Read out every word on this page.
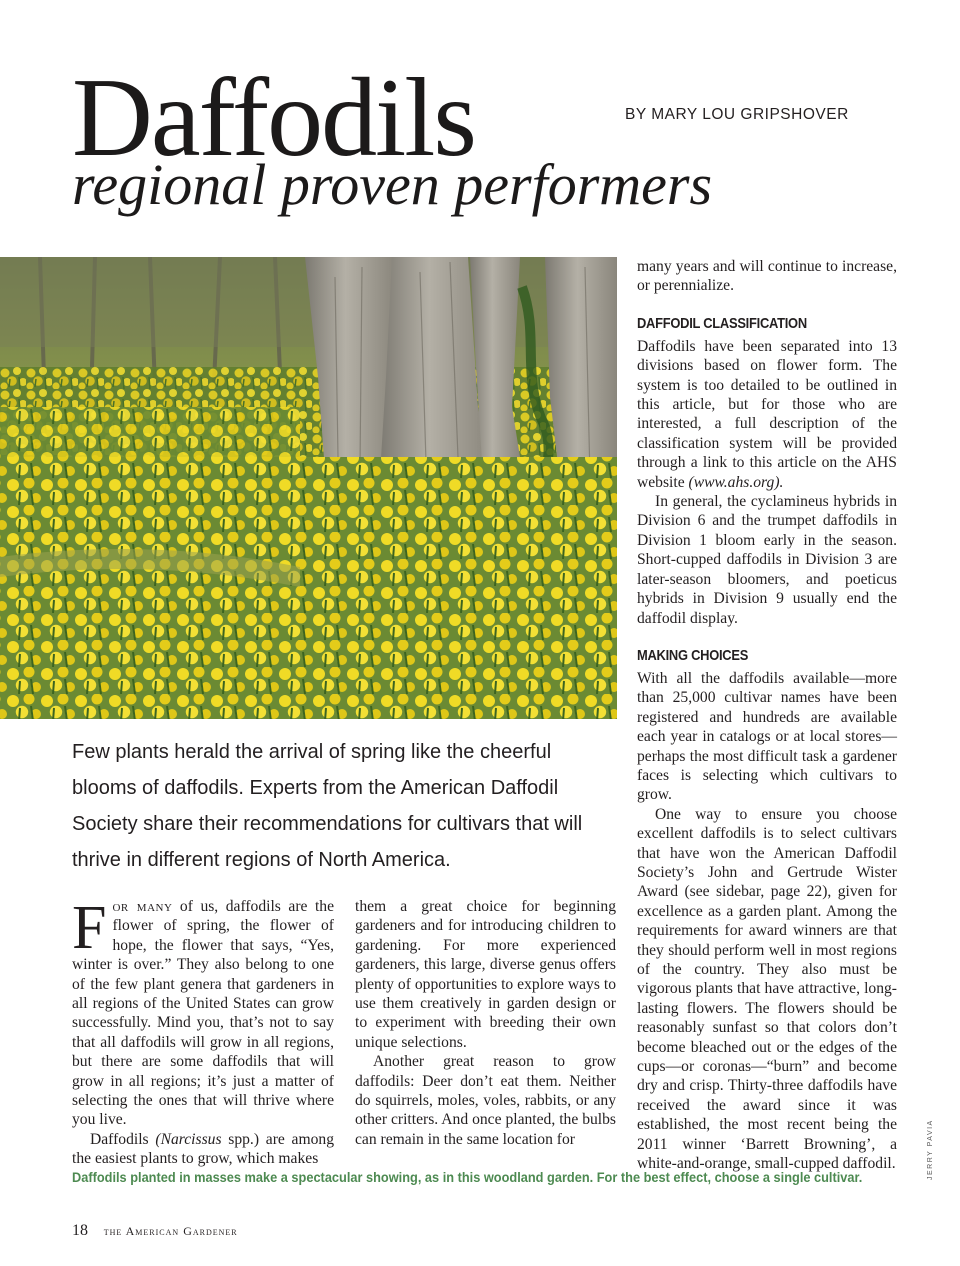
Daffodils	BY MARY LOU GRIPSHOVER
regional proven performers

Few plants herald the arrival of spring like the cheerful blooms of daffodils. Experts from the American Daffodil Society share their recommendations for cultivars that will thrive in different regions of North America.

For many of us, daffodils are the flower of spring, the flower of hope, the flower that says, “Yes, winter is over.” They also belong to one of the few plant genera that gardeners in all regions of the United States can grow successfully. Mind you, that’s not to say that all daffodils will grow in all regions, but there are some daffodils that will grow in all regions; it’s just a matter of selecting the ones that will thrive where you live.

Daffodils (Narcissus spp.) are among the easiest plants to grow, which makes

them a great choice for beginning gardeners and for introducing children to gardening. For more experienced gardeners, this large, diverse genus offers plenty of opportunities to explore ways to use them creatively in garden design or to experiment with breeding their own unique selections.

Another great reason to grow daffodils: Deer don’t eat them. Neither do squirrels, moles, voles, rabbits, or any other critters. And once planted, the bulbs can remain in the same location for

many years and will continue to increase, or perennialize.

DAFFODIL CLASSIFICATION

Daffodils have been separated into 13 divisions based on flower form. The system is too detailed to be outlined in this article, but for those who are interested, a full description of the classification system will be provided through a link to this article on the AHS website (www.ahs.org).

In general, the cyclamineus hybrids in Division 6 and the trumpet daffodils in Division 1 bloom early in the season. Short-cupped daffodils in Division 3 are later-season bloomers, and poeticus hybrids in Division 9 usually end the daffodil display.

MAKING CHOICES

With all the daffodils available—more than 25,000 cultivar names have been registered and hundreds are available each year in catalogs or at local stores—perhaps the most difficult task a gardener faces is selecting which cultivars to grow.

One way to ensure you choose excellent daffodils is to select cultivars that have won the American Daffodil Society’s John and Gertrude Wister Award (see sidebar, page 22), given for excellence as a garden plant. Among the requirements for award winners are that they should perform well in most regions of the country. They also must be vigorous plants that have attractive, long-lasting flowers. The flowers should be reasonably sunfast so that colors don’t become bleached out or the edges of the cups—or coronas—“burn” and become dry and crisp. Thirty-three daffodils have received the award since it was established, the most recent being the 2011 winner ‘Barrett Browning’, a white-and-orange, small-cupped daffodil.

Daffodils planted in masses make a spectacular showing, as in this woodland garden. For the best effect, choose a single cultivar.	JERRY PAVIA
18 the American Gardener
